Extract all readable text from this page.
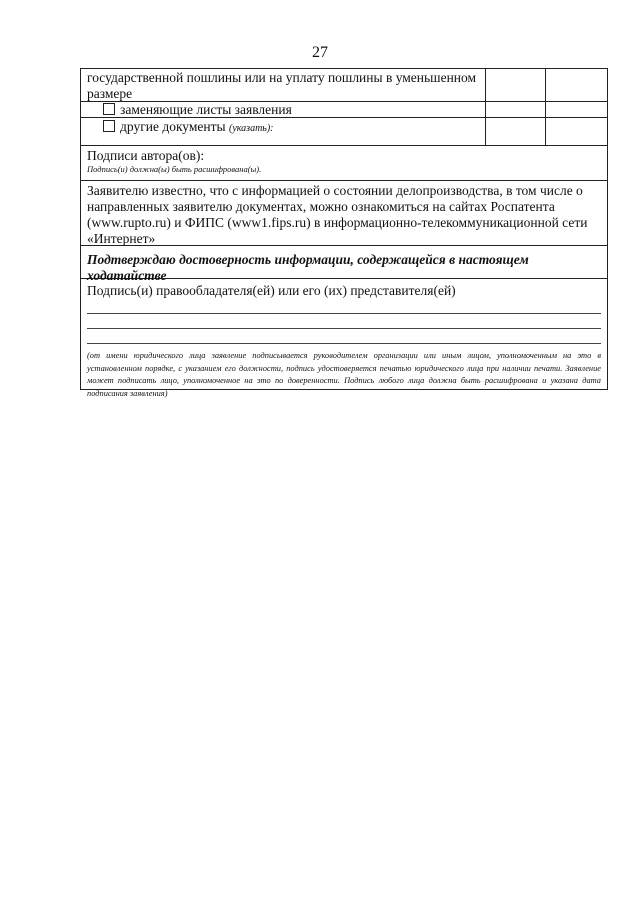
27
государственной пошлины или на уплату пошлины в уменьшенном
размере
заменяющие листы заявления
другие документы (указать):
Подписи автора(ов):
Подпись(и) должна(ы) быть расшифрована(ы).
Заявителю известно, что с информацией о состоянии делопроизводства, в том числе о направленных заявителю документах, можно ознакомиться на сайтах Роспатента (www.rupto.ru) и ФИПС (www1.fips.ru) в информационно-телекоммуникационной сети «Интернет»
Подтверждаю достоверность информации, содержащейся в настоящем ходатайстве
Подпись(и) правообладателя(ей) или его (их) представителя(ей)
(от имени юридического лица заявление подписывается руководителем организации или иным лицом, уполномоченным на это в установленном порядке, с указанием его должности, подпись удостоверяется печатью юридического лица при наличии печати. Заявление может подписать лицо, уполномоченное на это по доверенности. Подпись любого лица должна быть расшифрована и указана дата подписания заявления)
